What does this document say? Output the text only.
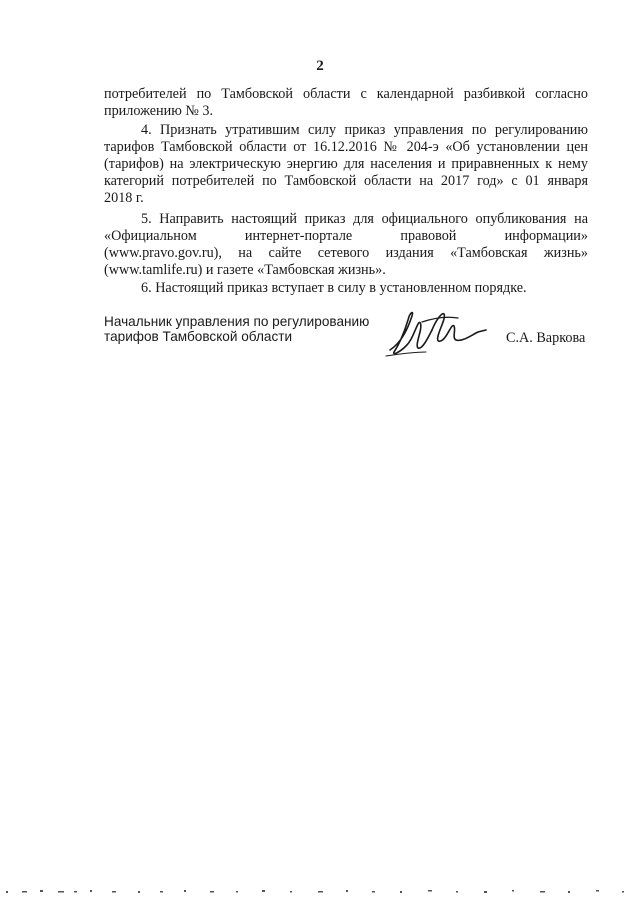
2
потребителей по Тамбовской области с календарной разбивкой согласно
приложению № 3.
4. Признать утратившим силу приказ управления по регулированию
тарифов Тамбовской области от 16.12.2016 № 204-э «Об установлении цен
(тарифов) на электрическую энергию для населения и приравненных к нему
категорий потребителей по Тамбовской области на 2017 год» с 01 января
2018 г.
5. Направить настоящий приказ для официального опубликования на
«Официальном	интернет-портале	правовой	информации»
(www.pravo.gov.ru), на сайте сетевого издания «Тамбовская жизнь»
(www.tamlife.ru) и газете «Тамбовская жизнь».
6. Настоящий приказ вступает в силу в установленном порядке.
Начальник управления по регулированию
тарифов Тамбовской области	С.А. Варкова
